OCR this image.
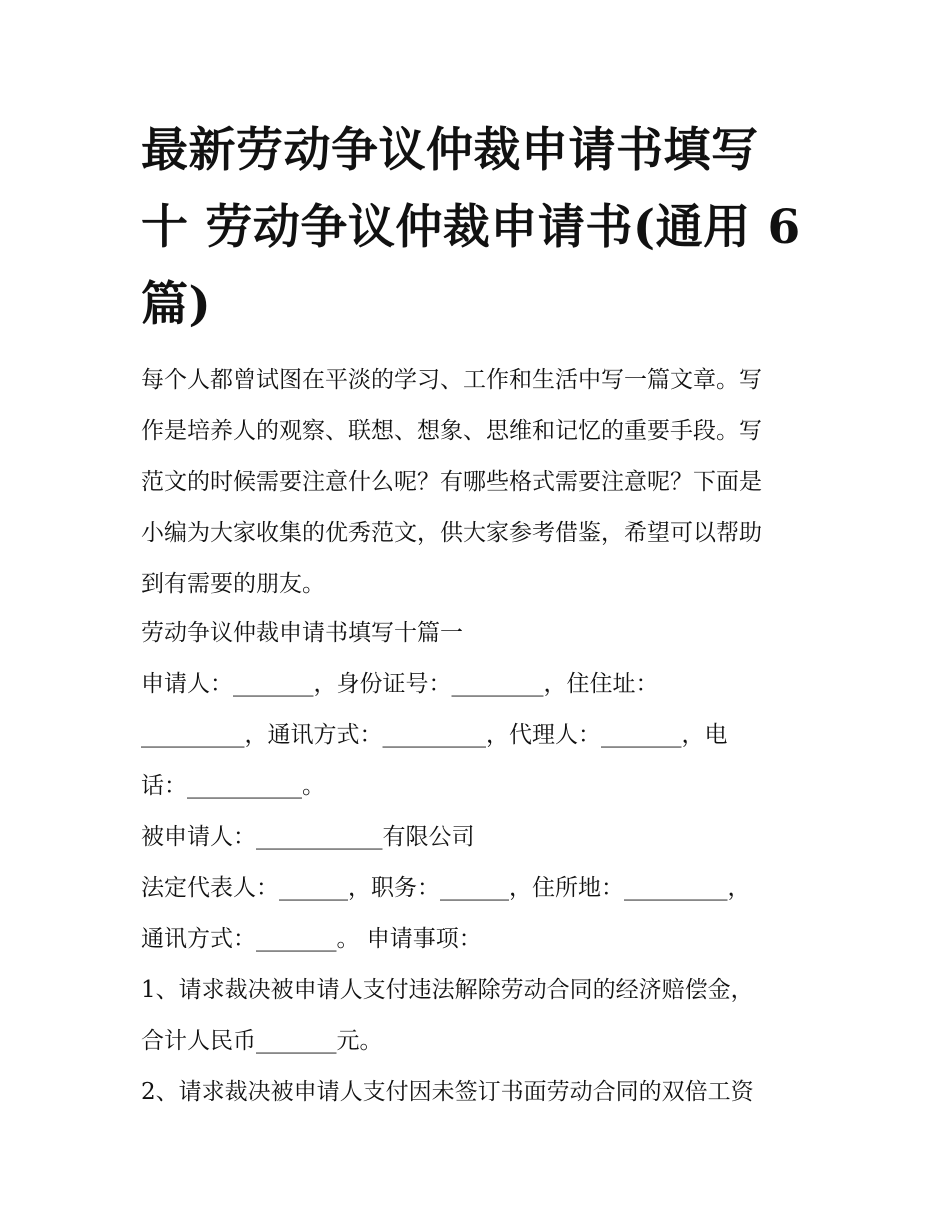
最新劳动争议仲裁申请书填写
十 劳动争议仲裁申请书(通用 6
篇)

每个人都曾试图在平淡的学习、工作和生活中写一篇文章。写
作是培养人的观察、联想、想象、思维和记忆的重要手段。写
范文的时候需要注意什么呢？有哪些格式需要注意呢？下面是
小编为大家收集的优秀范文，供大家参考借鉴，希望可以帮助
到有需要的朋友。

劳动争议仲裁申请书填写十篇一
申请人：_______，身份证号：________，住住址：
_________，通讯方式：_________，代理人：_______，电
话：__________。
被申请人：___________有限公司
法定代表人：______，职务：______，住所地：_________，
通讯方式：_______。 申请事项：
1、请求裁决被申请人支付违法解除劳动合同的经济赔偿金，
合计人民币_______元。
2、请求裁决被申请人支付因未签订书面劳动合同的双倍工资
